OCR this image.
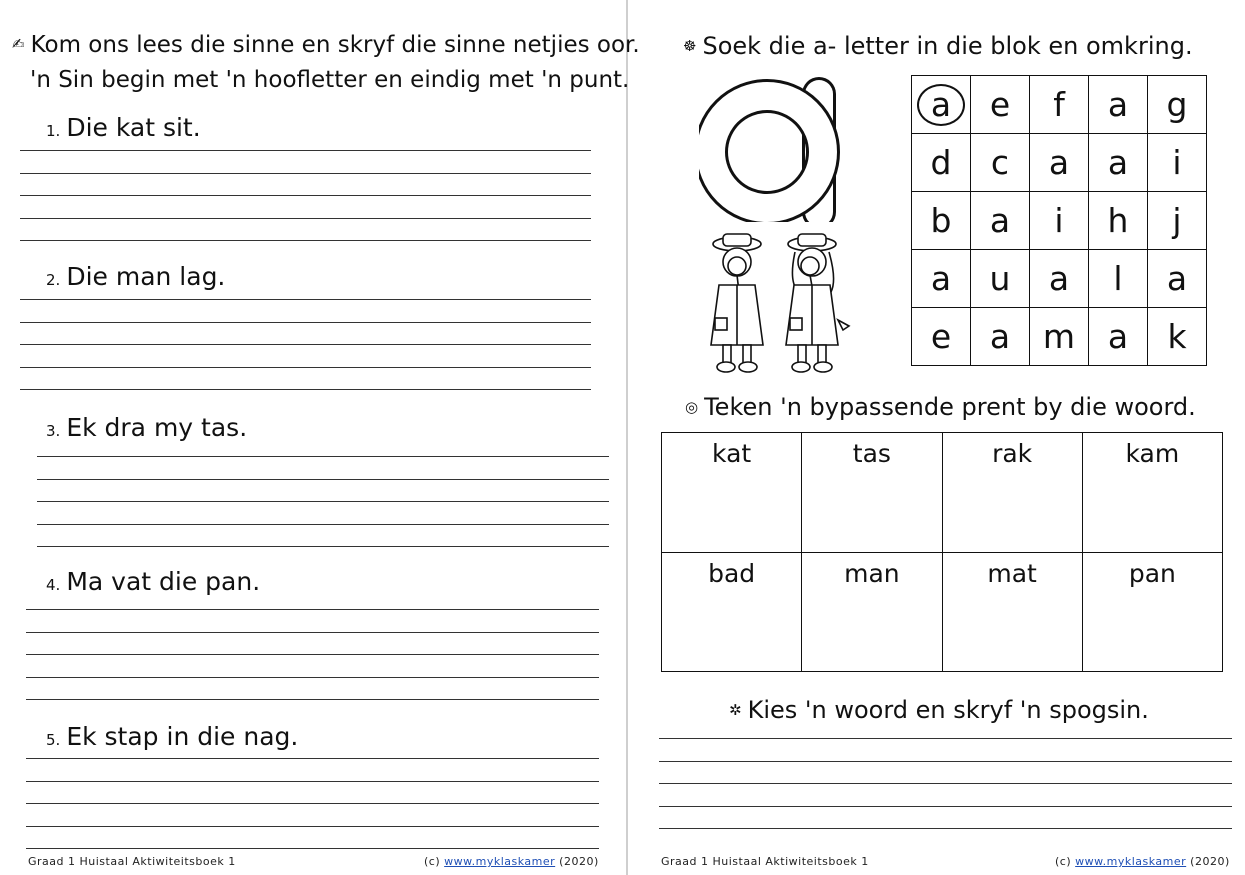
✍ Kom ons lees die sinne en skryf die sinne netjies oor.
'n Sin begin met 'n hoofletter en eindig met 'n punt.
1. Die kat sit.
2. Die man lag.
3. Ek dra my tas.
4. Ma vat die pan.
5. Ek stap in die nag.
Graad 1 Huistaal Aktiwiteitsboek 1	(c) www.myklaskamer (2020)
☸ Soek die a- letter in die blok en omkring.
a	e	f	a	g
d	c	a	a	i
b	a	i	h	j
a	u	a	l	a
e	a	m	a	k
◎ Teken 'n bypassende prent by die woord.
kat	tas	rak	kam
bad	man	mat	pan
✲ Kies 'n woord en skryf 'n spogsin.
Graad 1 Huistaal Aktiwiteitsboek 1	(c) www.myklaskamer (2020)
